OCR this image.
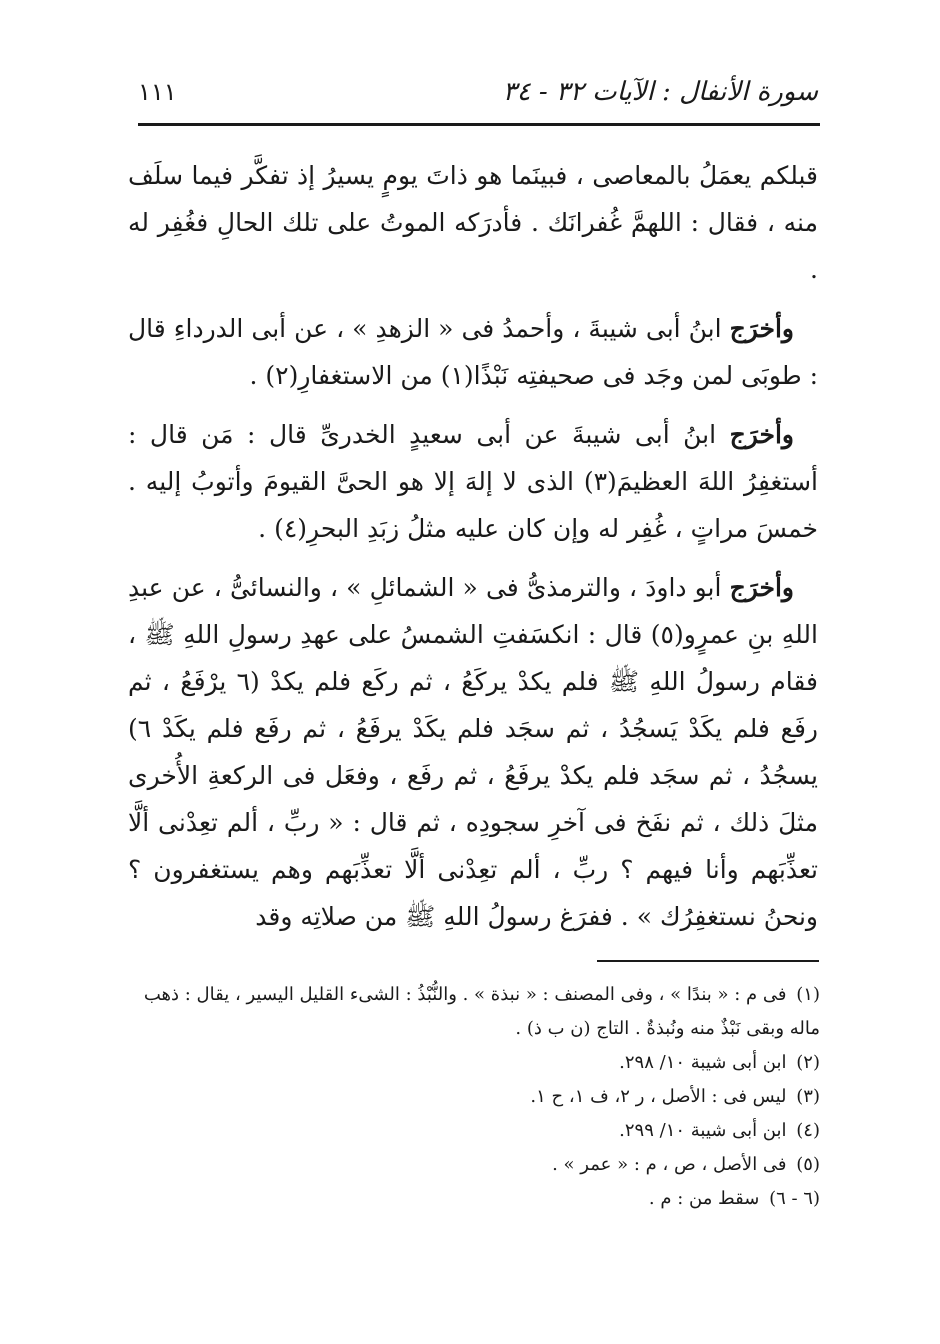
سورة الأنفال : الآيات ٣٢ - ٣٤
١١١

قبلكم يعمَلُ بالمعاصى ، فبينَما هو ذاتَ يومٍ يسيرُ إذ تفكَّر فيما سلَف منه ، فقال : اللهمَّ غُفرانَك . فأدرَكه الموتُ على تلك الحالِ فغُفِر له .

وأخرَج ابنُ أبى شيبةَ ، وأحمدُ فى « الزهدِ » ، عن أبى الدرداءِ قال : طوبَى لمن وجَد فى صحيفتِه نَبْذًا(١) من الاستغفارِ(٢) .

وأخرَج ابنُ أبى شيبةَ عن أبى سعيدٍ الخدرىِّ قال : مَن قال : أستغفِرُ اللهَ العظيمَ(٣) الذى لا إلهَ إلا هو الحىَّ القيومَ وأتوبُ إليه . خمسَ مراتٍ ، غُفِر له وإن كان عليه مثلُ زبَدِ البحرِ(٤) .

وأخرَج أبو داودَ ، والترمذىُّ فى « الشمائلِ » ، والنسائىُّ ، عن عبدِ اللهِ بنِ عمرٍو(٥) قال : انكسَفتِ الشمسُ على عهدِ رسولِ اللهِ ﷺ ، فقام رسولُ اللهِ ﷺ فلم يكدْ يركَعُ ، ثم ركَع فلم يكدْ (٦ يرْفَعُ ، ثم رفَع فلم يكَدْ يَسجُدُ ، ثم سجَد فلم يكَدْ يرفَعُ ، ثم رفَع فلم يكَدْ ٦) يسجُدُ ، ثم سجَد فلم يكدْ يرفَعُ ، ثم رفَع ، وفعَل فى الركعةِ الأُخرى مثلَ ذلك ، ثم نفَخ فى آخرِ سجودِه ، ثم قال : « ربِّ ، ألم تعِدْنى ألَّا تعذِّبَهم وأنا فيهم ؟ ربِّ ، ألم تعِدْنى ألَّا تعذِّبَهم وهم يستغفرون ؟ ونحنُ نستغفِرُك » . ففرَغ رسولُ اللهِ ﷺ من صلاتِه وقد

(١) فى م : « بندًا » ، وفى المصنف : « نبذة » . والنُّبْذُ : الشىء القليل اليسير ، يقال : ذهب ماله وبقى نَبْذٌ منه ونُبذةٌ . التاج (ن ب ذ) .

(٢) ابن أبى شيبة ١٠/ ٢٩٨.

(٣) ليس فى : الأصل ، ر ٢، ف ١، ح ١.

(٤) ابن أبى شيبة ١٠/ ٢٩٩.

(٥) فى الأصل ، ص ، م : « عمر » .

(٦ - ٦) سقط من : م .
